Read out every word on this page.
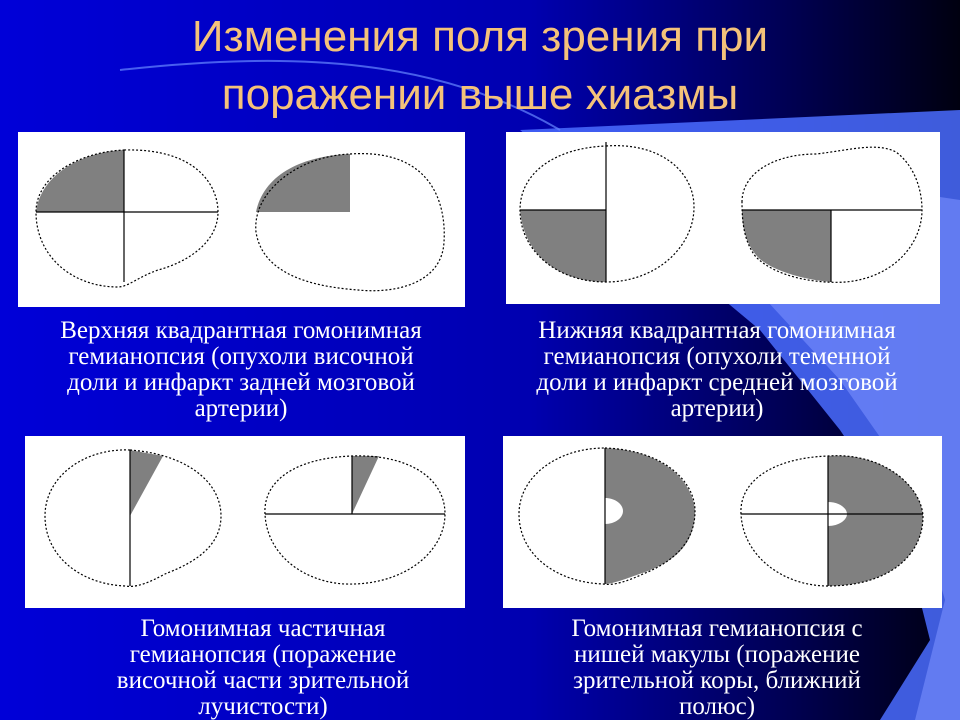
Изменения поля зрения при
поражении выше хиазмы
Верхняя квадрантная гомонимная
гемианопсия (опухоли височной
доли и инфаркт задней мозговой
артерии)
Нижняя квадрантная гомонимная
гемианопсия (опухоли теменной
доли и инфаркт средней мозговой
артерии)
Гомонимная частичная
гемианопсия (поражение
височной части зрительной
лучистости)
Гомонимная гемианопсия с
нишей макулы (поражение
зрительной коры, ближний
полюс)
